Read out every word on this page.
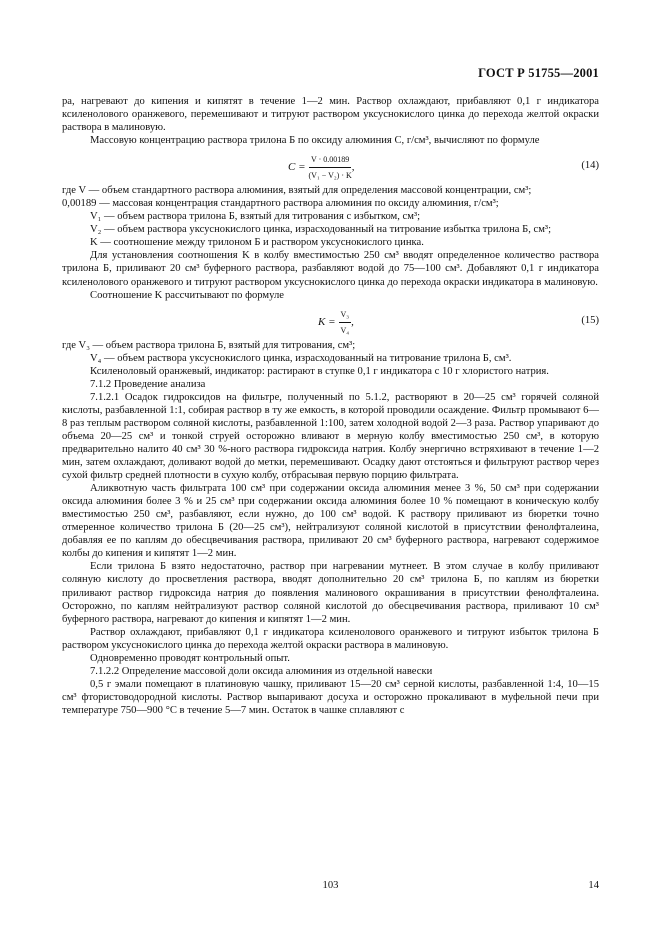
ГОСТ Р 51755—2001

ра, нагревают до кипения и кипятят в течение 1—2 мин. Раствор охлаждают, прибавляют 0,1 г индикатора ксиленолового оранжевого, перемешивают и титруют раствором уксуснокислого цинка до перехода желтой окраски раствора в малиновую.

Массовую концентрацию раствора трилона Б по оксиду алюминия C, г/см³, вычисляют по формуле

$C = \frac{V \cdot 0.00189}{\text{(V₁ − V₂) · K}}$ ,	(14)

где V — объем стандартного раствора алюминия, взятый для определения массовой концентрации, см³;

0,00189 — массовая концентрация стандартного раствора алюминия по оксиду алюминия, г/см³;

V₁ — объем раствора трилона Б, взятый для титрования с избытком, см³;

V₂ — объем раствора уксуснокислого цинка, израсходованный на титрование избытка трилона Б, см³;

K — соотношение между трилоном Б и раствором уксуснокислого цинка.

Для установления соотношения K в колбу вместимостью 250 см³ вводят определенное количество раствора трилона Б, приливают 20 см³ буферного раствора, разбавляют водой до 75—100 см³. Добавляют 0,1 г индикатора ксиленолового оранжевого и титруют раствором уксуснокислого цинка до перехода окраски индикатора в малиновую.

Соотношение K рассчитывают по формуле

$K = \frac{\text{V₃}}{\text{V₄}}$ ,	(15)

где V₃ — объем раствора трилона Б, взятый для титрования, см³;

V₄ — объем раствора уксуснокислого цинка, израсходованный на титрование трилона Б, см³.

Ксиленоловый оранжевый, индикатор: растирают в ступке 0,1 г индикатора с 10 г хлористого натрия.

7.1.2 Проведение анализа

7.1.2.1 Осадок гидроксидов на фильтре, полученный по 5.1.2, растворяют в 20—25 см³ горячей соляной кислоты, разбавленной 1:1, собирая раствор в ту же емкость, в которой проводили осаждение. Фильтр промывают 6—8 раз теплым раствором соляной кислоты, разбавленной 1:100, затем холодной водой 2—3 раза. Раствор упаривают до объема 20—25 см³ и тонкой струей осторожно вливают в мерную колбу вместимостью 250 см³, в которую предварительно налито 40 см³ 30 %-ного раствора гидроксида натрия. Колбу энергично встряхивают в течение 1—2 мин, затем охлаждают, доливают водой до метки, перемешивают. Осадку дают отстояться и фильтруют раствор через сухой фильтр средней плотности в сухую колбу, отбрасывая первую порцию фильтрата.

Аликвотную часть фильтрата 100 см³ при содержании оксида алюминия менее 3 %, 50 см³ при содержании оксида алюминия более 3 % и 25 см³ при содержании оксида алюминия более 10 % помещают в коническую колбу вместимостью 250 см³, разбавляют, если нужно, до 100 см³ водой. К раствору приливают из бюретки точно отмеренное количество трилона Б (20—25 см³), нейтрализуют соляной кислотой в присутствии фенолфталеина, добавляя ее по каплям до обесцвечивания раствора, приливают 20 см³ буферного раствора, нагревают содержимое колбы до кипения и кипятят 1—2 мин.

Если трилона Б взято недостаточно, раствор при нагревании мутнеет. В этом случае в колбу приливают соляную кислоту до просветления раствора, вводят дополнительно 20 см³ трилона Б, по каплям из бюретки приливают раствор гидроксида натрия до появления малинового окрашивания в присутствии фенолфталеина. Осторожно, по каплям нейтрализуют раствор соляной кислотой до обесцвечивания раствора, приливают 10 см³ буферного раствора, нагревают до кипения и кипятят 1—2 мин.

Раствор охлаждают, прибавляют 0,1 г индикатора ксиленолового оранжевого и титруют избыток трилона Б раствором уксуснокислого цинка до перехода желтой окраски раствора в малиновую.

Одновременно проводят контрольный опыт.

7.1.2.2 Определение массовой доли оксида алюминия из отдельной навески

0,5 г эмали помещают в платиновую чашку, приливают 15—20 см³ серной кислоты, разбавленной 1:4, 10—15 см³ фтористоводородной кислоты. Раствор выпаривают досуха и осторожно прокаливают в муфельной печи при температуре 750—900 °С в течение 5—7 мин. Остаток в чашке сплавляют с

103	14
